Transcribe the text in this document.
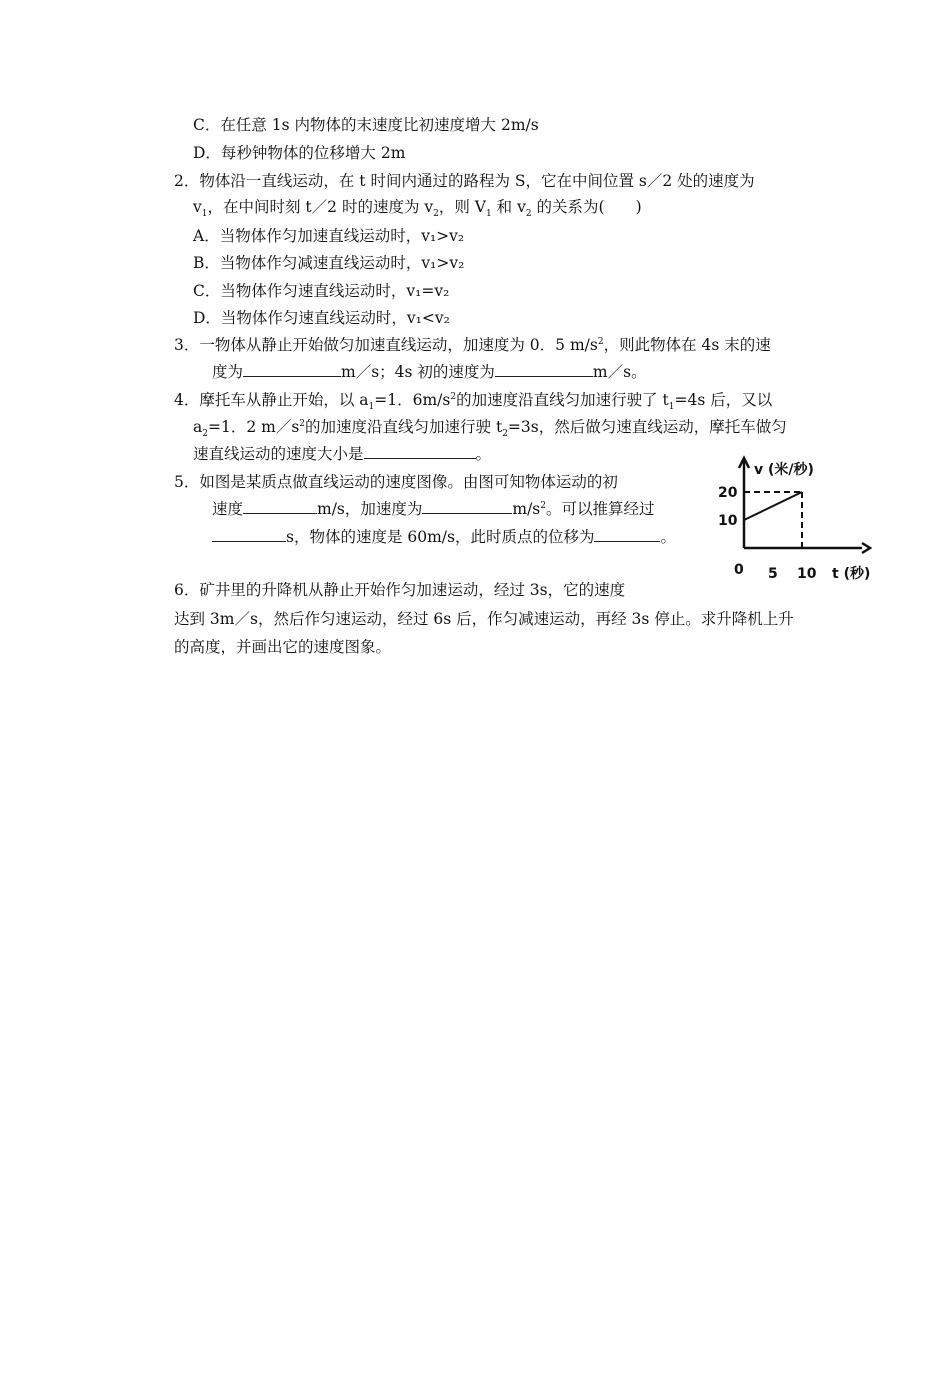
C．在任意 1s 内物体的末速度比初速度增大 2m/s
D．每秒钟物体的位移增大 2m
2．物体沿一直线运动，在 t 时间内通过的路程为 S，它在中间位置 s／2 处的速度为
$v_1$，在中间时刻 t／2 时的速度为 $v_2$，则 $V_1$ 和 $v_2$ 的关系为(　　)
A．当物体作匀加速直线运动时，v₁>v₂
B．当物体作匀减速直线运动时，v₁>v₂
C．当物体作匀速直线运动时，v₁=v₂
D．当物体作匀速直线运动时，v₁<v₂
3．一物体从静止开始做匀加速直线运动，加速度为 0．5 $m/s^2$，则此物体在 4s 末的速
度为	m／s；4s 初的速度为	m／s。
4．摩托车从静止开始，以 $a_1=1$．$6m/s^2$的加速度沿直线匀加速行驶了 $t_1=4s$ 后，又以
$a_2=1$．2 $m/s^2$的加速度沿直线匀加速行驶 $t_2=3s$，然后做匀速直线运动，摩托车做匀
速直线运动的速度大小是	。
5．如图是某质点做直线运动的速度图像。由图可知物体运动的初
速度	m/s，加速度为	$m/s^2$。可以推算经过
s，物体的速度是 60m/s，此时质点的位移为	。
v (米/秒)
t (秒)
0 5 10
10
20
6．矿井里的升降机从静止开始作匀加速运动，经过 3s，它的速度
达到 3m／s，然后作匀速运动，经过 6s 后，作匀减速运动，再经 3s 停止。求升降机上升
的高度，并画出它的速度图象。
